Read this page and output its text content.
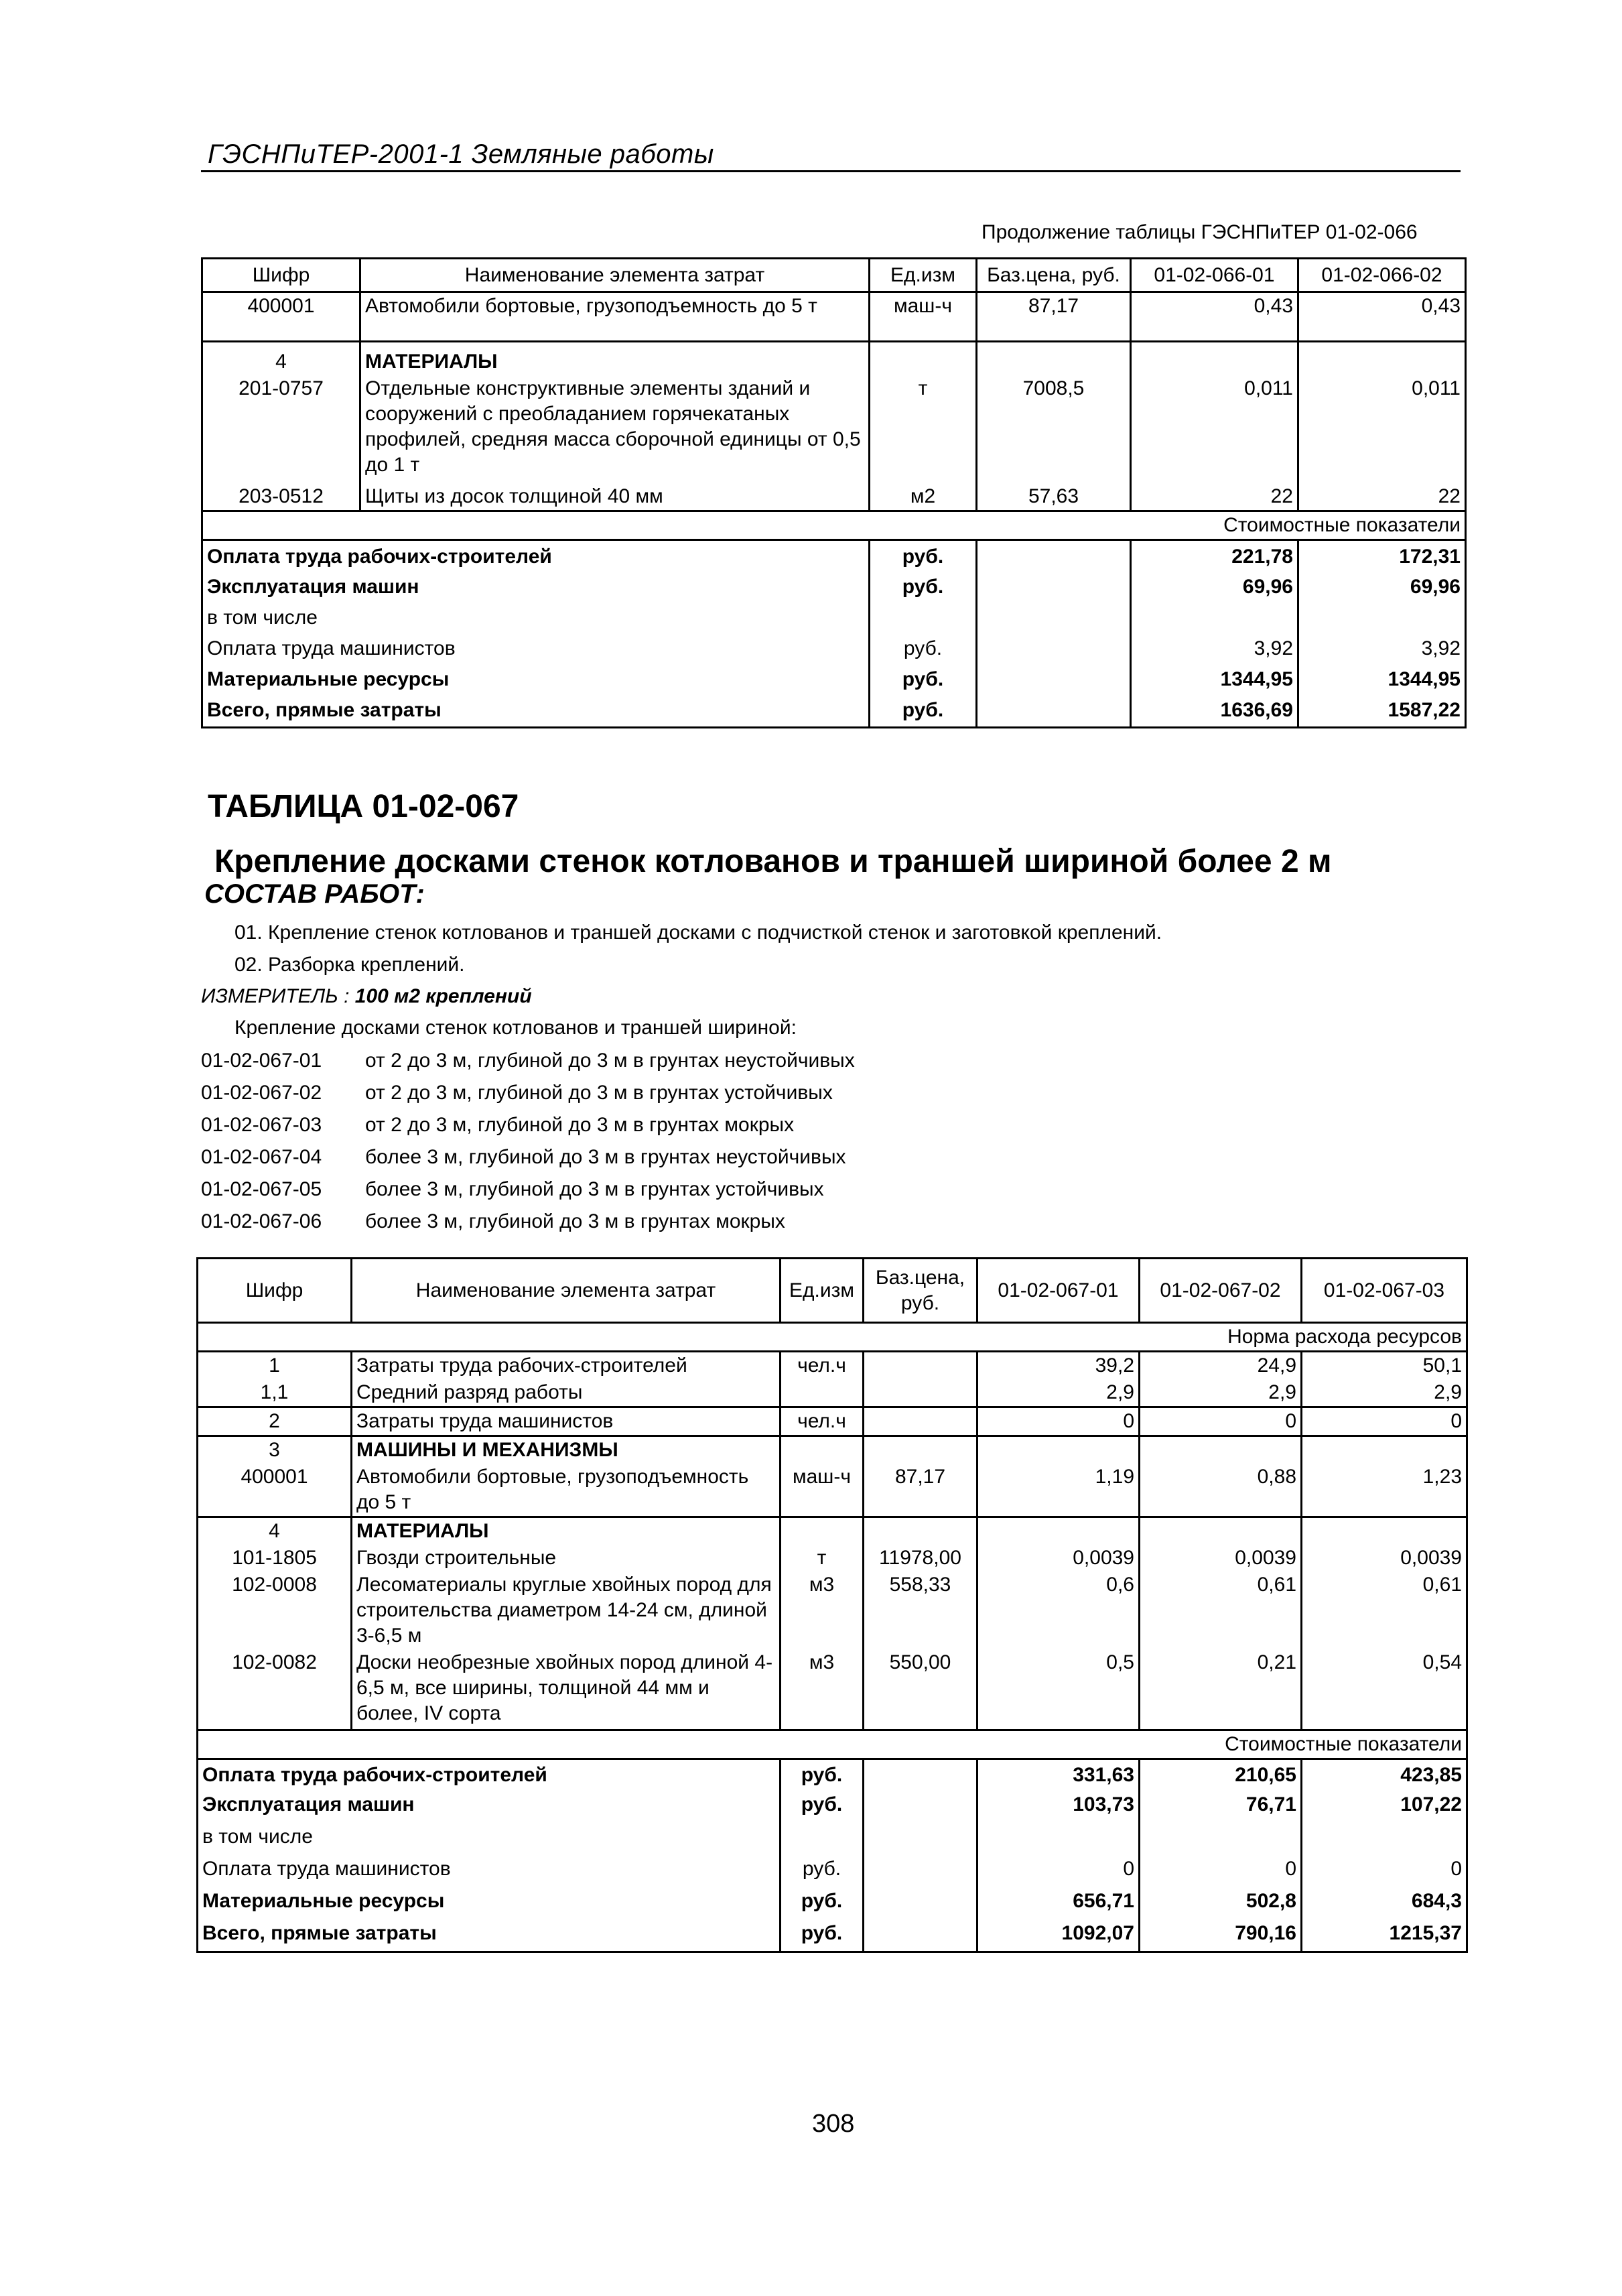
ГЭСНПиТЕР-2001-1 Земляные работы
Продолжение таблицы ГЭСНПиТЕР 01-02-066
Шифр	Наименование элемента затрат	Ед.изм	Баз.цена, руб.	01-02-066-01	01-02-066-02
400001	Автомобили бортовые, грузоподъемность до 5 т	маш-ч	87,17	0,43	0,43
4	МАТЕРИАЛЫ				
201-0757	Отдельные конструктивные элементы зданий и сооружений с преобладанием горячекатаных профилей, средняя масса сборочной единицы от 0,5 до 1 т	т	7008,5	0,011	0,011
203-0512	Щиты из досок толщиной 40 мм	м2	57,63	22	22
Стоимостные показатели					
Оплата труда рабочих-строителей		руб.		221,78	172,31
Эксплуатация машин		руб.		69,96	69,96
в том числе					
Оплата труда машинистов		руб.		3,92	3,92
Материальные ресурсы		руб.		1344,95	1344,95
Всего, прямые затраты		руб.		1636,69	1587,22
ТАБЛИЦА 01-02-067
Крепление досками стенок котлованов и траншей шириной более 2 м
СОСТАВ РАБОТ:
01. Крепление стенок котлованов и траншей досками с подчисткой стенок и заготовкой креплений.
02. Разборка креплений.
ИЗМЕРИТЕЛЬ : 100 м2 креплений
Крепление досками стенок котлованов и траншей шириной:
01-02-067-01 от 2 до 3 м, глубиной до 3 м в грунтах неустойчивых
01-02-067-02 от 2 до 3 м, глубиной до 3 м в грунтах устойчивых
01-02-067-03 от 2 до 3 м, глубиной до 3 м в грунтах мокрых
01-02-067-04 более 3 м, глубиной до 3 м в грунтах неустойчивых
01-02-067-05 более 3 м, глубиной до 3 м в грунтах устойчивых
01-02-067-06 более 3 м, глубиной до 3 м в грунтах мокрых
Шифр	Наименование элемента затрат	Ед.изм	Баз.цена, руб.	01-02-067-01	01-02-067-02	01-02-067-03
Норма расхода ресурсов						
1	Затраты труда рабочих-строителей	чел.ч		39,2	24,9	50,1
1,1	Средний разряд работы			2,9	2,9	2,9
2	Затраты труда машинистов	чел.ч		0	0	0
3	МАШИНЫ И МЕХАНИЗМЫ					
400001	Автомобили бортовые, грузоподъемность до 5 т	маш-ч	87,17	1,19	0,88	1,23
4	МАТЕРИАЛЫ					
101-1805	Гвозди строительные	т	11978,00	0,0039	0,0039	0,0039
102-0008	Лесоматериалы круглые хвойных пород для строительства диаметром 14-24 см, длиной 3-6,5 м	м3	558,33	0,6	0,61	0,61
102-0082	Доски необрезные хвойных пород длиной 4-6,5 м, все ширины, толщиной 44 мм и более, IV сорта	м3	550,00	0,5	0,21	0,54
Стоимостные показатели						
Оплата труда рабочих-строителей		руб.		331,63	210,65	423,85
Эксплуатация машин		руб.		103,73	76,71	107,22
в том числе						
Оплата труда машинистов		руб.		0	0	0
Материальные ресурсы		руб.		656,71	502,8	684,3
Всего, прямые затраты		руб.		1092,07	790,16	1215,37
308
